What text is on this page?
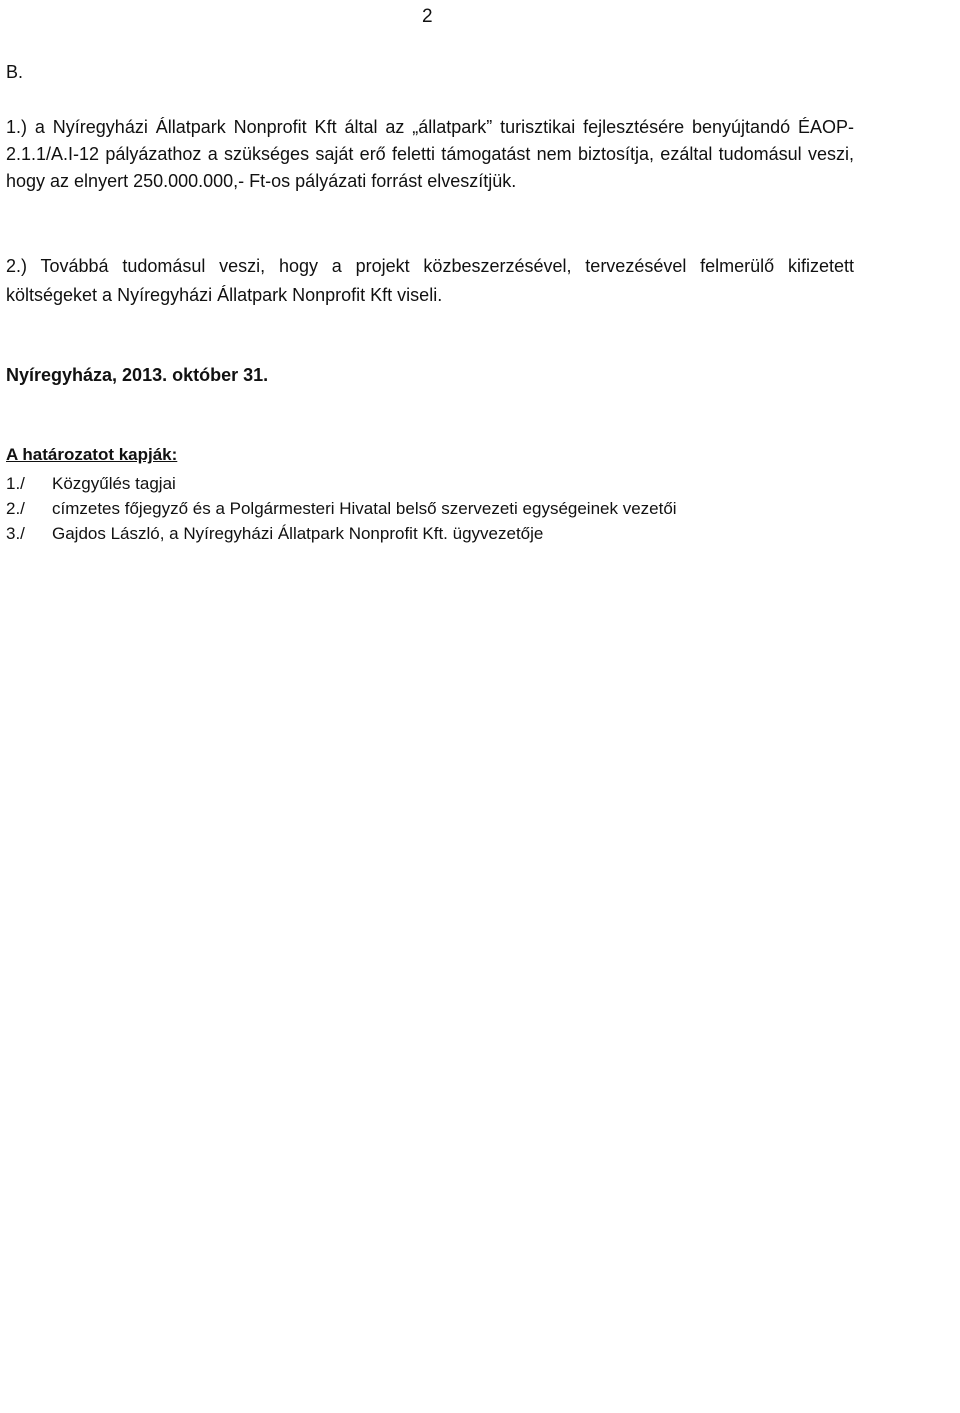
2
B.

1.) a Nyíregyházi Állatpark Nonprofit Kft által az „állatpark” turisztikai fejlesztésére benyújtandó ÉAOP-2.1.1/A.I-12 pályázathoz a szükséges saját erő feletti támogatást nem biztosítja, ezáltal tudomásul veszi, hogy az elnyert 250.000.000,- Ft-os pályázati forrást elveszítjük.

2.) Továbbá tudomásul veszi, hogy a projekt közbeszerzésével, tervezésével felmerülő kifizetett költségeket a Nyíregyházi Állatpark Nonprofit Kft viseli.

Nyíregyháza, 2013. október 31.
A határozatot kapják:
1./	Közgyűlés tagjai
2./	címzetes főjegyző és a Polgármesteri Hivatal belső szervezeti egységeinek vezetői
3./	Gajdos László, a Nyíregyházi Állatpark Nonprofit Kft. ügyvezetője
